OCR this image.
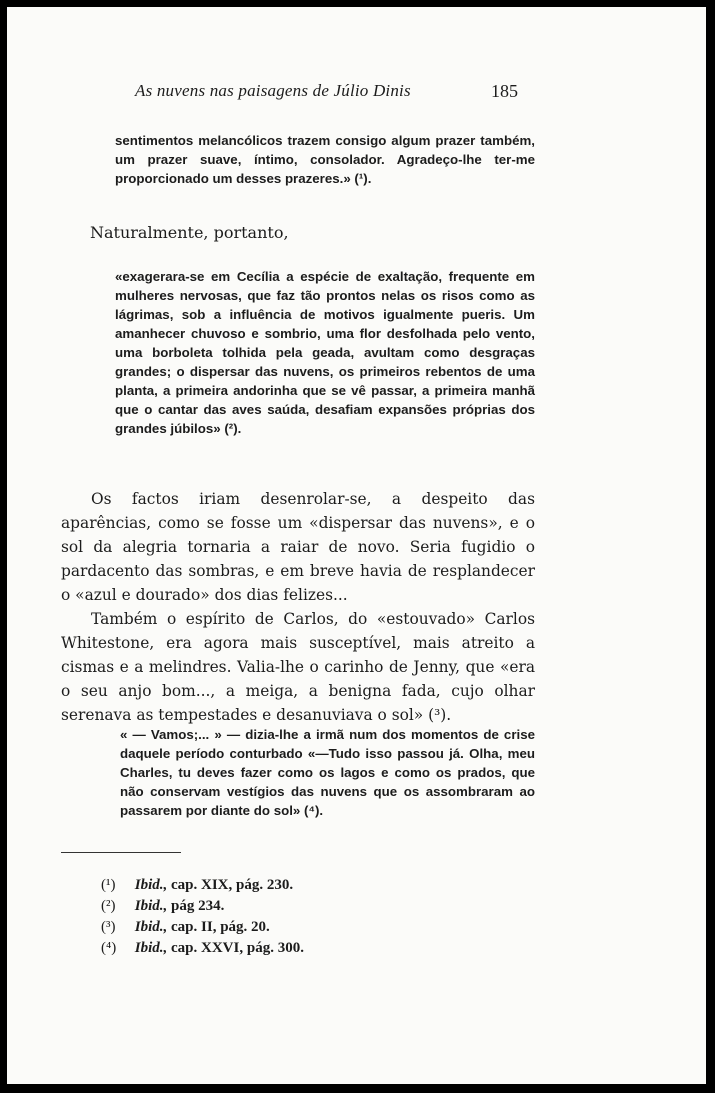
As nuvens nas paisagens de Júlio Dinis	185

sentimentos melancólicos trazem consigo algum prazer também, um prazer suave, íntimo, consolador. Agradeço-lhe ter-me proporcionado um desses prazeres.» (¹).

Naturalmente, portanto,

«exagerara-se em Cecília a espécie de exaltação, frequente em mulheres nervosas, que faz tão prontos nelas os risos como as lágrimas, sob a influência de motivos igualmente pueris. Um amanhecer chuvoso e sombrio, uma flor desfolhada pelo vento, uma borboleta tolhida pela geada, avultam como desgraças grandes; o dispersar das nuvens, os primeiros rebentos de uma planta, a primeira andorinha que se vê passar, a primeira manhã que o cantar das aves saúda, desafiam expansões próprias dos grandes júbilos» (²).

Os factos iriam desenrolar-se, a despeito das aparências, como se fosse um «dispersar das nuvens», e o sol da alegria tornaria a raiar de novo. Seria fugidio o pardacento das sombras, e em breve havia de resplandecer o «azul e dourado» dos dias felizes...

Também o espírito de Carlos, do «estouvado» Carlos Whitestone, era agora mais susceptível, mais atreito a cismas e a melindres. Valia-lhe o carinho de Jenny, que «era o seu anjo bom..., a meiga, a benigna fada, cujo olhar serenava as tempestades e desanuviava o sol» (³).

« — Vamos;... » — dizia-lhe a irmã num dos momentos de crise daquele período conturbado «—Tudo isso passou já. Olha, meu Charles, tu deves fazer como os lagos e como os prados, que não conservam vestígios das nuvens que os assombraram ao passarem por diante do sol» (⁴).

(¹) Ibid., cap. XIX, pág. 230.
(²) Ibid., pág 234.
(³) Ibid., cap. II, pág. 20.
(⁴) Ibid., cap. XXVI, pág. 300.
